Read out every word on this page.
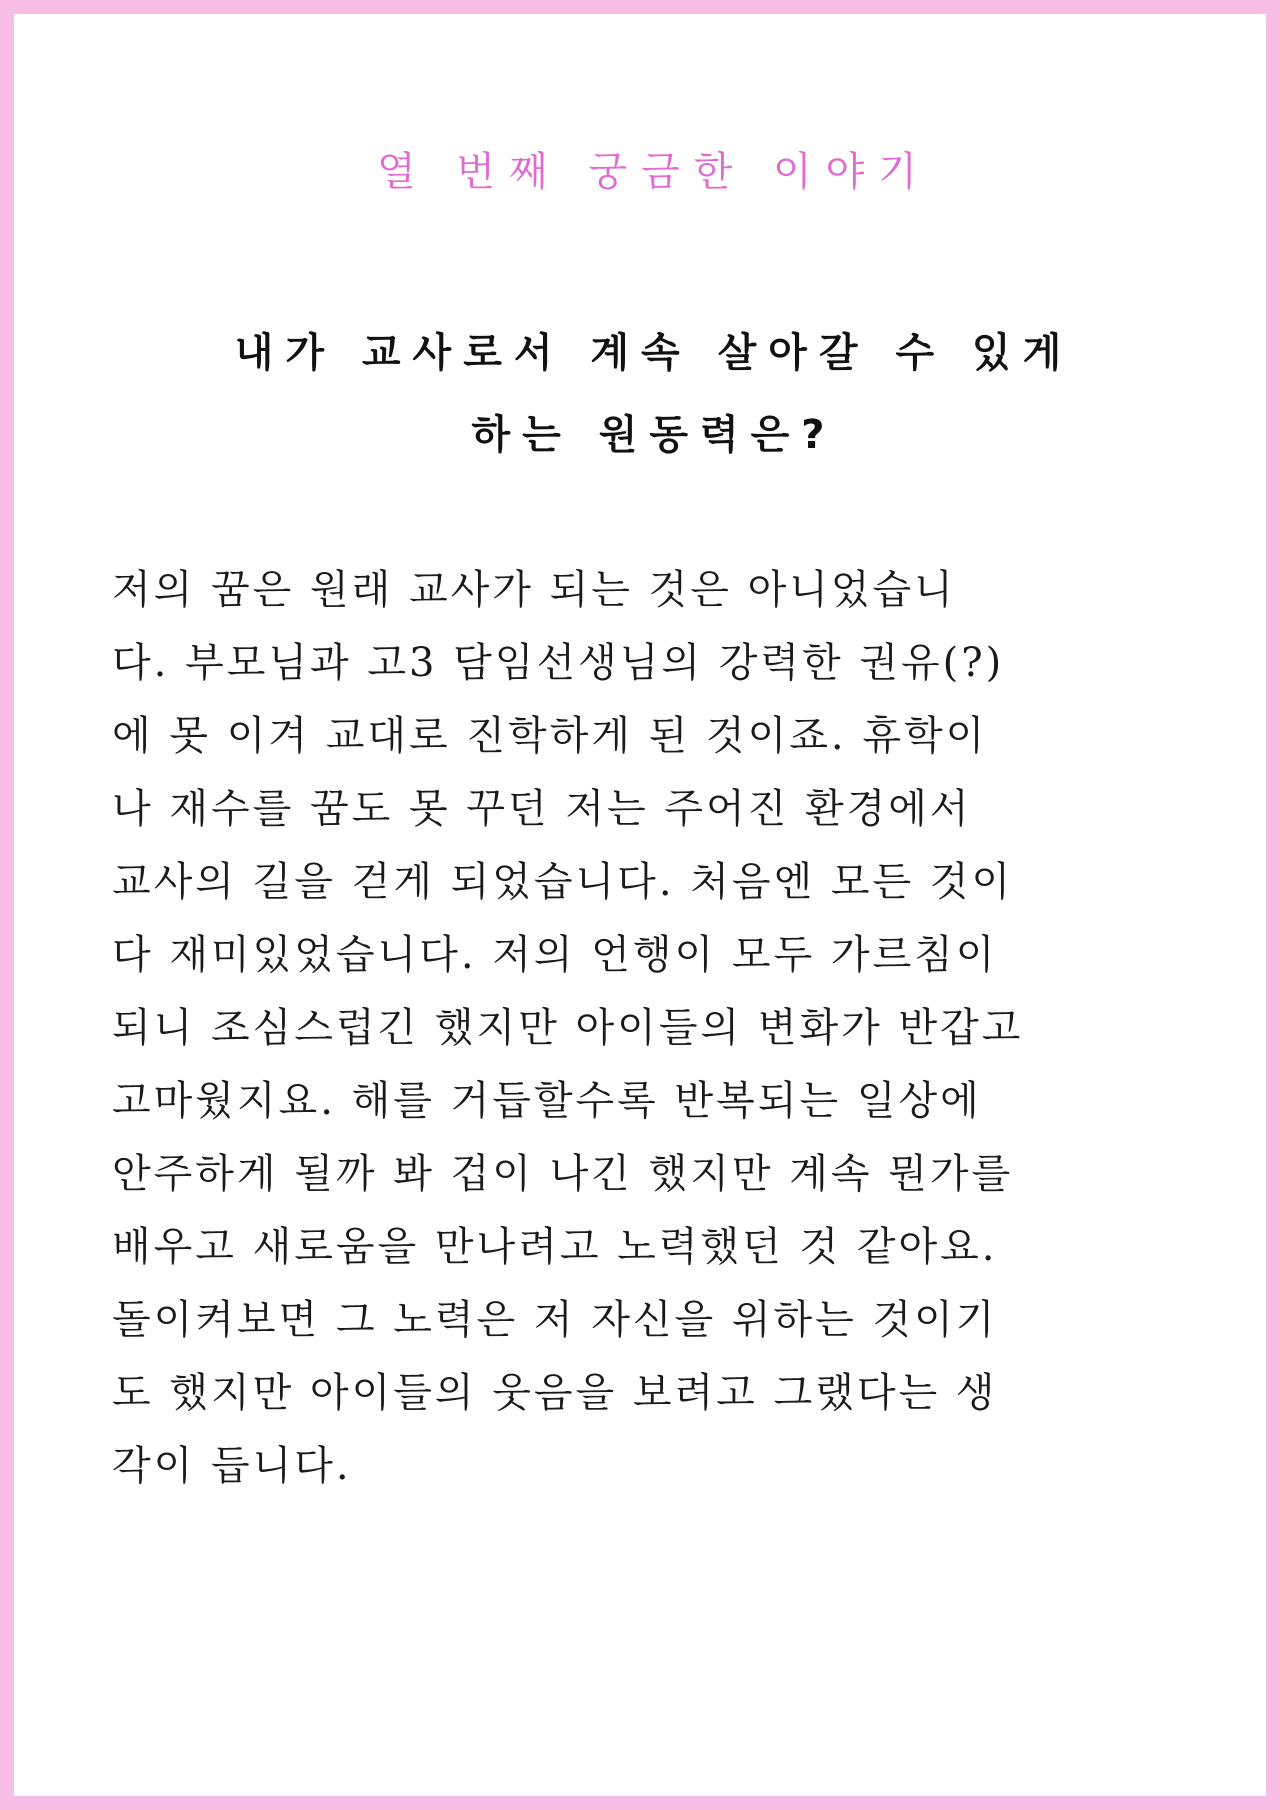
열 번째 궁금한 이야기
내가 교사로서 계속 살아갈 수 있게
하는 원동력은?
저의 꿈은 원래 교사가 되는 것은 아니었습니
다. 부모님과 고3 담임선생님의 강력한 권유(?)
에 못 이겨 교대로 진학하게 된 것이죠. 휴학이
나 재수를 꿈도 못 꾸던 저는 주어진 환경에서
교사의 길을 걷게 되었습니다. 처음엔 모든 것이
다 재미있었습니다. 저의 언행이 모두 가르침이
되니 조심스럽긴 했지만 아이들의 변화가 반갑고
고마웠지요. 해를 거듭할수록 반복되는 일상에
안주하게 될까 봐 겁이 나긴 했지만 계속 뭔가를
배우고 새로움을 만나려고 노력했던 것 같아요.
돌이켜보면 그 노력은 저 자신을 위하는 것이기
도 했지만 아이들의 웃음을 보려고 그랬다는 생
각이 듭니다.
